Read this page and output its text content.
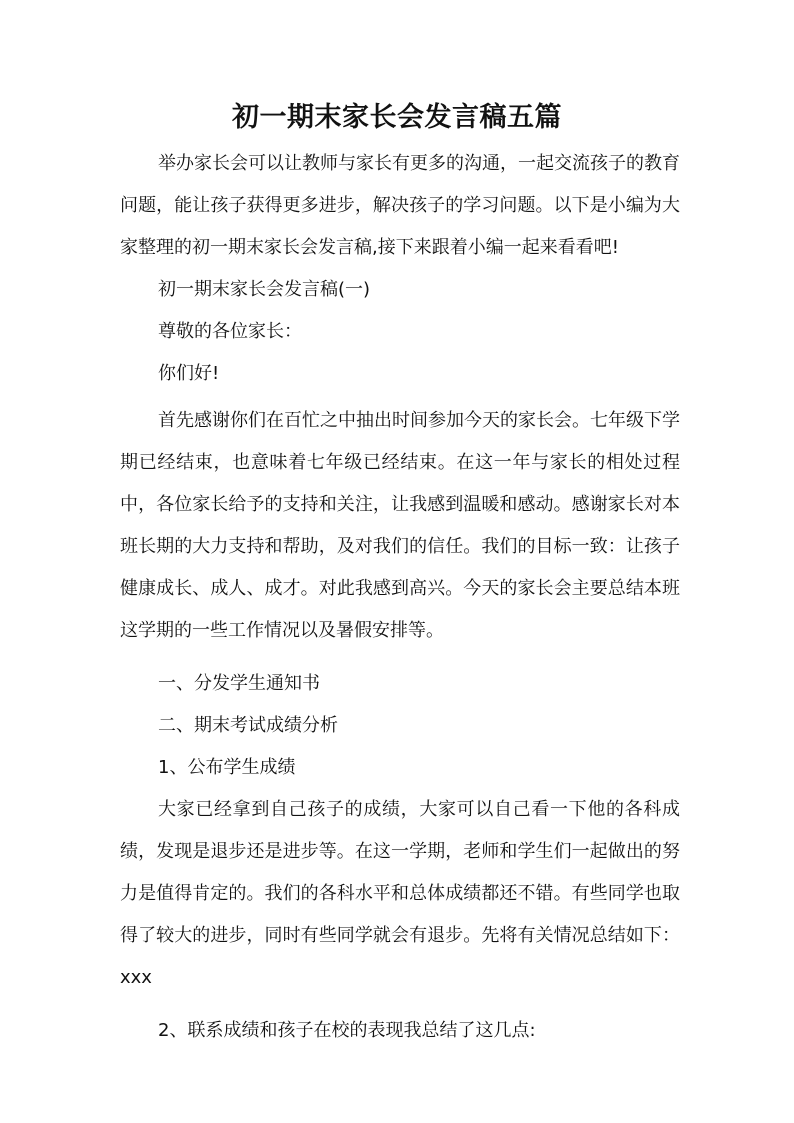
初一期末家长会发言稿五篇

举办家长会可以让教师与家长有更多的沟通，一起交流孩子的教育问题，能让孩子获得更多进步，解决孩子的学习问题。以下是小编为大家整理的初一期末家长会发言稿,接下来跟着小编一起来看看吧!

初一期末家长会发言稿(一)

尊敬的各位家长：

你们好!

首先感谢你们在百忙之中抽出时间参加今天的家长会。七年级下学期已经结束，也意味着七年级已经结束。在这一年与家长的相处过程中，各位家长给予的支持和关注，让我感到温暖和感动。感谢家长对本班长期的大力支持和帮助，及对我们的信任。我们的目标一致：让孩子健康成长、成人、成才。对此我感到高兴。今天的家长会主要总结本班这学期的一些工作情况以及暑假安排等。

一、分发学生通知书

二、期末考试成绩分析

1、公布学生成绩

大家已经拿到自己孩子的成绩，大家可以自己看一下他的各科成绩，发现是退步还是进步等。在这一学期，老师和学生们一起做出的努力是值得肯定的。我们的各科水平和总体成绩都还不错。有些同学也取得了较大的进步，同时有些同学就会有退步。先将有关情况总结如下：xxx

2、联系成绩和孩子在校的表现我总结了这几点:
